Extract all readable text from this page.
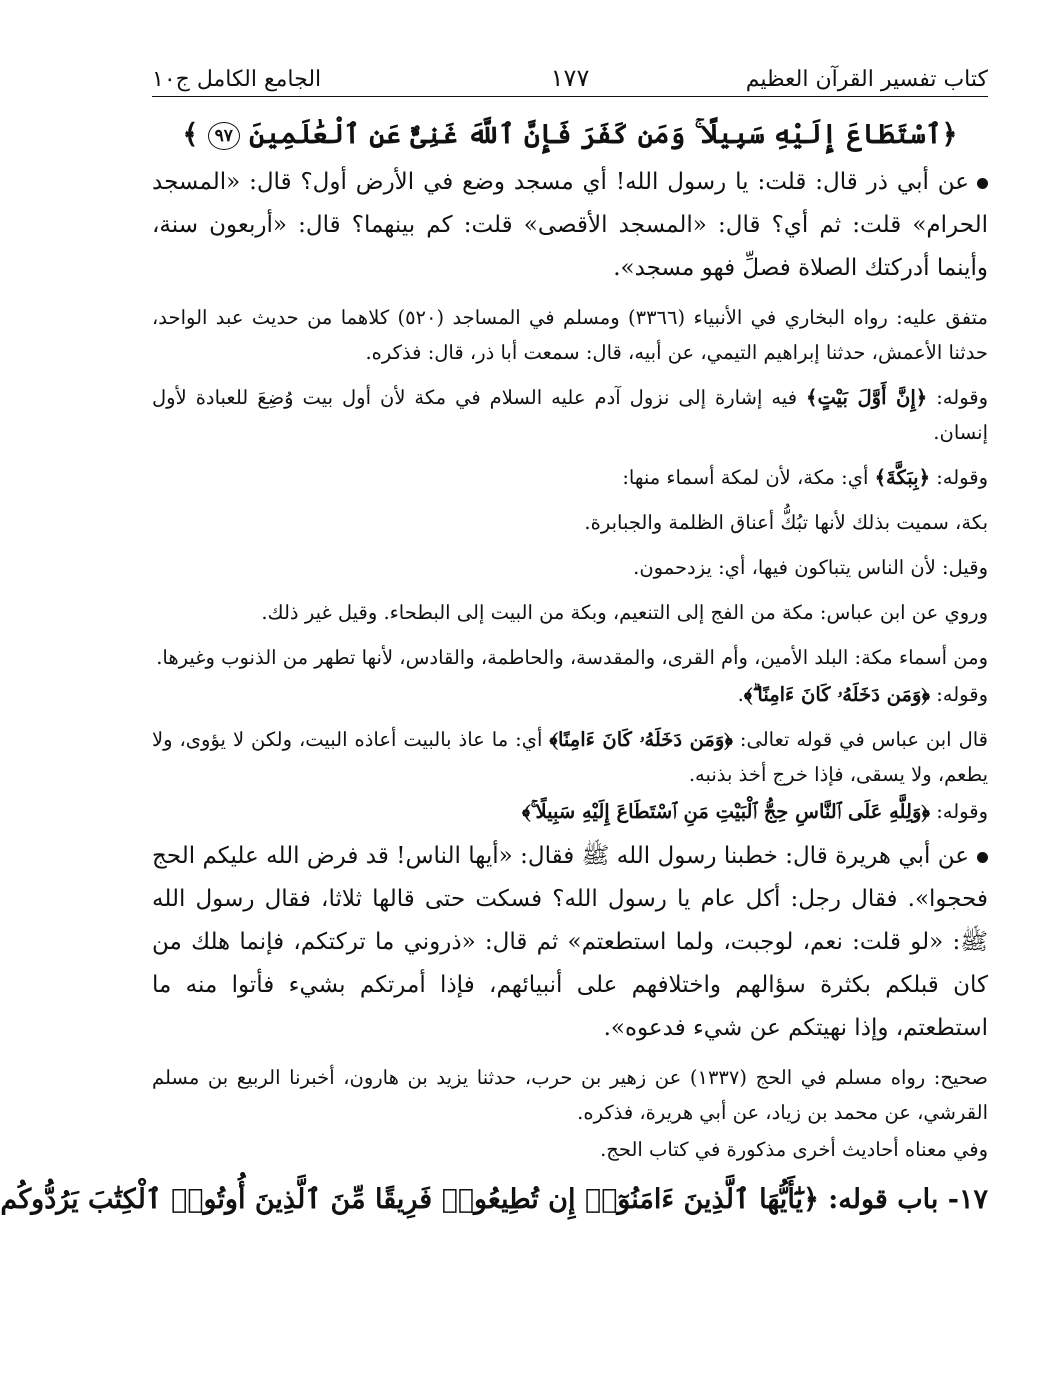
كتاب تفسير القرآن العظيم
١٧٧
الجامع الكامل ج١٠
﴿ٱسْتَطَاعَ إِلَيْهِ سَبِيلًا ۚ وَمَن كَفَرَ فَإِنَّ ٱللَّهَ غَنِىٌّ عَنِ ٱلْعَٰلَمِينَ ٩٧ ﴾

عن أبي ذر قال: قلت: يا رسول الله! أي مسجد وضع في الأرض أول؟ قال: «المسجد الحرام» قلت: ثم أي؟ قال: «المسجد الأقصى» قلت: كم بينهما؟ قال: «أربعون سنة، وأينما أدركتك الصلاة فصلِّ فهو مسجد».

متفق عليه: رواه البخاري في الأنبياء (٣٣٦٦) ومسلم في المساجد (٥٢٠) كلاهما من حديث عبد الواحد، حدثنا الأعمش، حدثنا إبراهيم التيمي، عن أبيه، قال: سمعت أبا ذر، قال: فذكره.

وقوله: ﴿إِنَّ أَوَّلَ بَيْتٍ﴾ فيه إشارة إلى نزول آدم عليه السلام في مكة لأن أول بيت وُضِعَ للعبادة لأول إنسان.

وقوله: ﴿بِبَكَّةَ﴾ أي: مكة، لأن لمكة أسماء منها:

بكة، سميت بذلك لأنها تبُكُّ أعناق الظلمة والجبابرة.

وقيل: لأن الناس يتباكون فيها، أي: يزدحمون.

وروي عن ابن عباس: مكة من الفج إلى التنعيم، وبكة من البيت إلى البطحاء. وقيل غير ذلك.

ومن أسماء مكة: البلد الأمين، وأم القرى، والمقدسة، والحاطمة، والقادس، لأنها تطهر من الذنوب وغيرها.

وقوله: ﴿وَمَن دَخَلَهُۥ كَانَ ءَامِنًا ۗ﴾.

قال ابن عباس في قوله تعالى: ﴿وَمَن دَخَلَهُۥ كَانَ ءَامِنًا﴾ أي: ما عاذ بالبيت أعاذه البيت، ولكن لا يؤوى، ولا يطعم، ولا يسقى، فإذا خرج أخذ بذنبه.

وقوله: ﴿وَلِلَّهِ عَلَى ٱلنَّاسِ حِجُّ ٱلْبَيْتِ مَنِ ٱسْتَطَاعَ إِلَيْهِ سَبِيلًا ۚ﴾

عن أبي هريرة قال: خطبنا رسول الله ﷺ فقال: «أيها الناس! قد فرض الله عليكم الحج فحجوا». فقال رجل: أكل عام يا رسول الله؟ فسكت حتى قالها ثلاثا، فقال رسول الله ﷺ: «لو قلت: نعم، لوجبت، ولما استطعتم» ثم قال: «ذروني ما تركتكم، فإنما هلك من كان قبلكم بكثرة سؤالهم واختلافهم على أنبيائهم، فإذا أمرتكم بشيء فأتوا منه ما استطعتم، وإذا نهيتكم عن شيء فدعوه».

صحيح: رواه مسلم في الحج (١٣٣٧) عن زهير بن حرب، حدثنا يزيد بن هارون، أخبرنا الربيع بن مسلم القرشي، عن محمد بن زياد، عن أبي هريرة، فذكره.

وفي معناه أحاديث أخرى مذكورة في كتاب الحج.

١٧- باب قوله: ﴿يَٰٓأَيُّهَا ٱلَّذِينَ ءَامَنُوٓا۟ إِن تُطِيعُوا۟ فَرِيقًا مِّنَ ٱلَّذِينَ أُوتُوا۟ ٱلْكِتَٰبَ يَرُدُّوكُم
